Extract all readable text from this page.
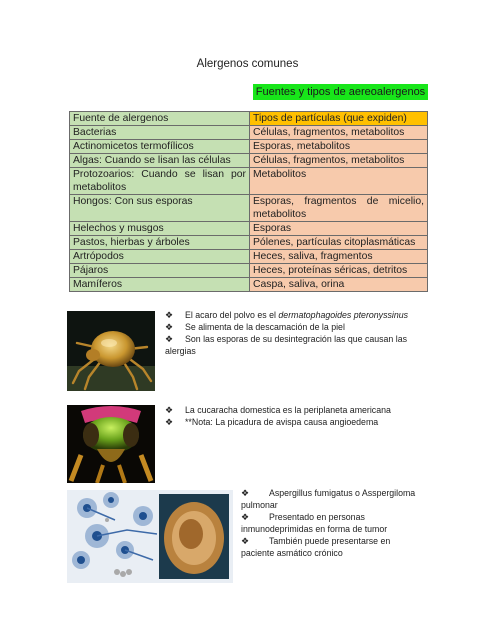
Alergenos comunes
Fuentes y tipos de aereoalergenos
Fuente de alergenos	Tipos de partículas (que expiden)
Bacterias	Células, fragmentos, metabolitos
Actinomicetos termofílicos	Esporas, metabolitos
Algas: Cuando se lisan las células	Células, fragmentos, metabolitos
Protozoarios: Cuando se lisan por metabolitos	Metabolitos
Hongos: Con sus esporas	Esporas, fragmentos de micelio, metabolitos
Helechos y musgos	Esporas
Pastos, hierbas y árboles	Pólenes, partículas citoplasmáticas
Artrópodos	Heces, saliva, fragmentos
Pájaros	Heces, proteínas séricas, detritos
Mamíferos	Caspa, saliva, orina
❖ El acaro del polvo es el dermatophagoides pteronyssinus
❖ Se alimenta de la descamación de la piel
❖ Son las esporas de su desintegración las que causan las alergias
❖ La cucaracha domestica es la periplaneta americana
❖ **Nota: La picadura de avispa causa angioedema
❖ Aspergillus fumigatus o Asspergiloma pulmonar
❖ Presentado en personas inmunodeprimidas en forma de tumor
❖ También puede presentarse en paciente asmático crónico
